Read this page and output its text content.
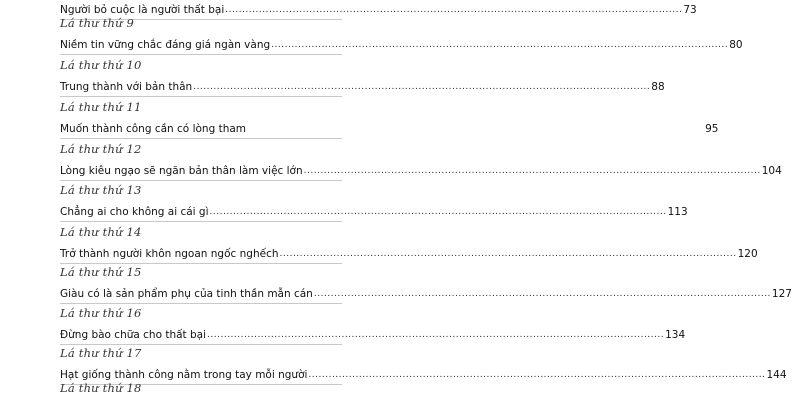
Người bỏ cuộc là người thất bại ........................................................................................................................................ 73
Lá thư thứ 9
Niềm tin vững chắc đáng giá ngàn vàng ........................................................................................................................................ 80
Lá thư thứ 10
Trung thành với bản thân ........................................................................................................................................ 88
Lá thư thứ 11
Muốn thành công cần có lòng tham	95
Lá thư thứ 12
Lòng kiêu ngạo sẽ ngăn bản thân làm việc lớn ........................................................................................................................................ 104
Lá thư thứ 13
Chẳng ai cho không ai cái gì ........................................................................................................................................ 113
Lá thư thứ 14
Trở thành người khôn ngoan ngốc nghếch ........................................................................................................................................ 120
Lá thư thứ 15
Giàu có là sản phẩm phụ của tinh thần mẫn cán ........................................................................................................................................ 127
Lá thư thứ 16
Đừng bào chữa cho thất bại ........................................................................................................................................ 134
Lá thư thứ 17
Hạt giống thành công nằm trong tay mỗi người ........................................................................................................................................ 144
Lá thư thứ 18
